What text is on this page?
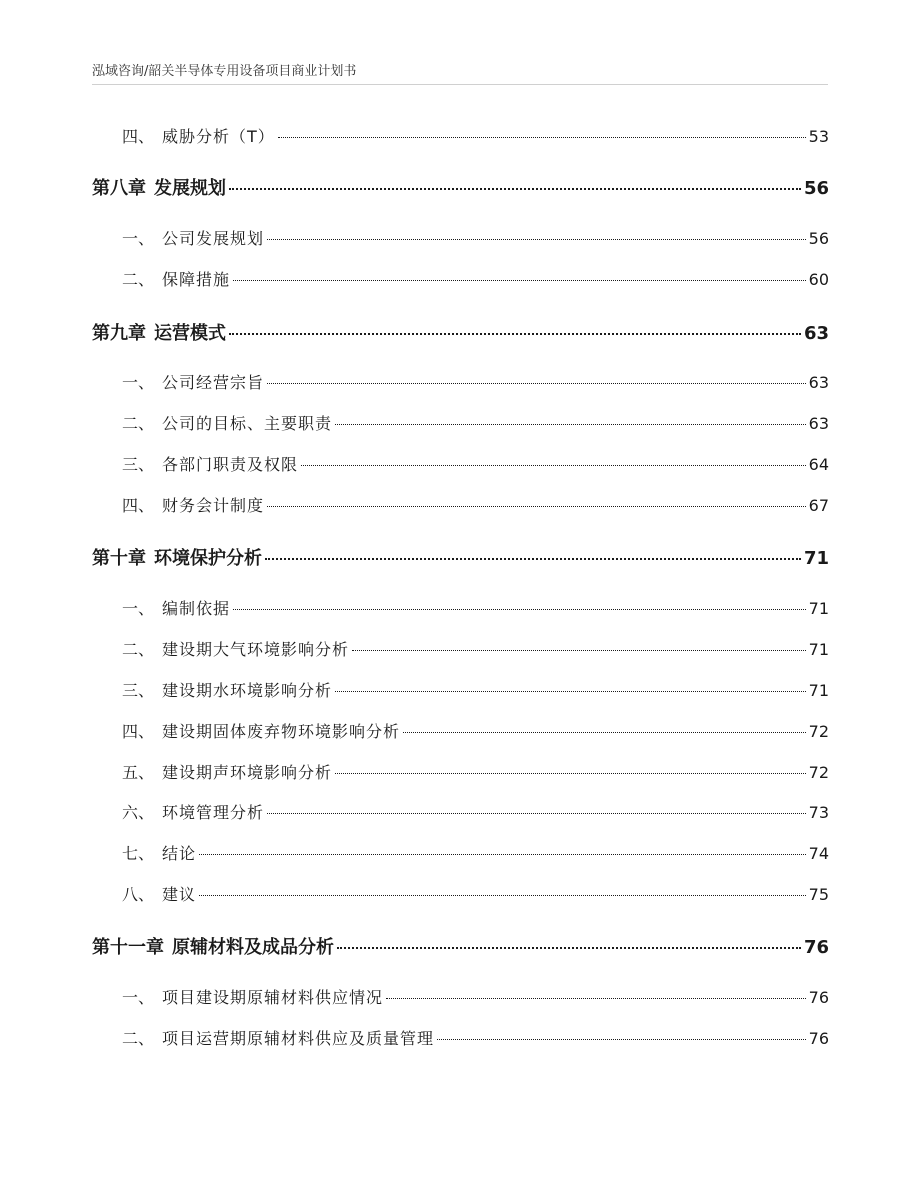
泓域咨询/韶关半导体专用设备项目商业计划书
四、 威胁分析（T）	53
第八章 发展规划	56
一、 公司发展规划	56
二、 保障措施	60
第九章 运营模式	63
一、 公司经营宗旨	63
二、 公司的目标、主要职责	63
三、 各部门职责及权限	64
四、 财务会计制度	67
第十章 环境保护分析	71
一、 编制依据	71
二、 建设期大气环境影响分析	71
三、 建设期水环境影响分析	71
四、 建设期固体废弃物环境影响分析	72
五、 建设期声环境影响分析	72
六、 环境管理分析	73
七、 结论	74
八、 建议	75
第十一章 原辅材料及成品分析	76
一、 项目建设期原辅材料供应情况	76
二、 项目运营期原辅材料供应及质量管理	76
